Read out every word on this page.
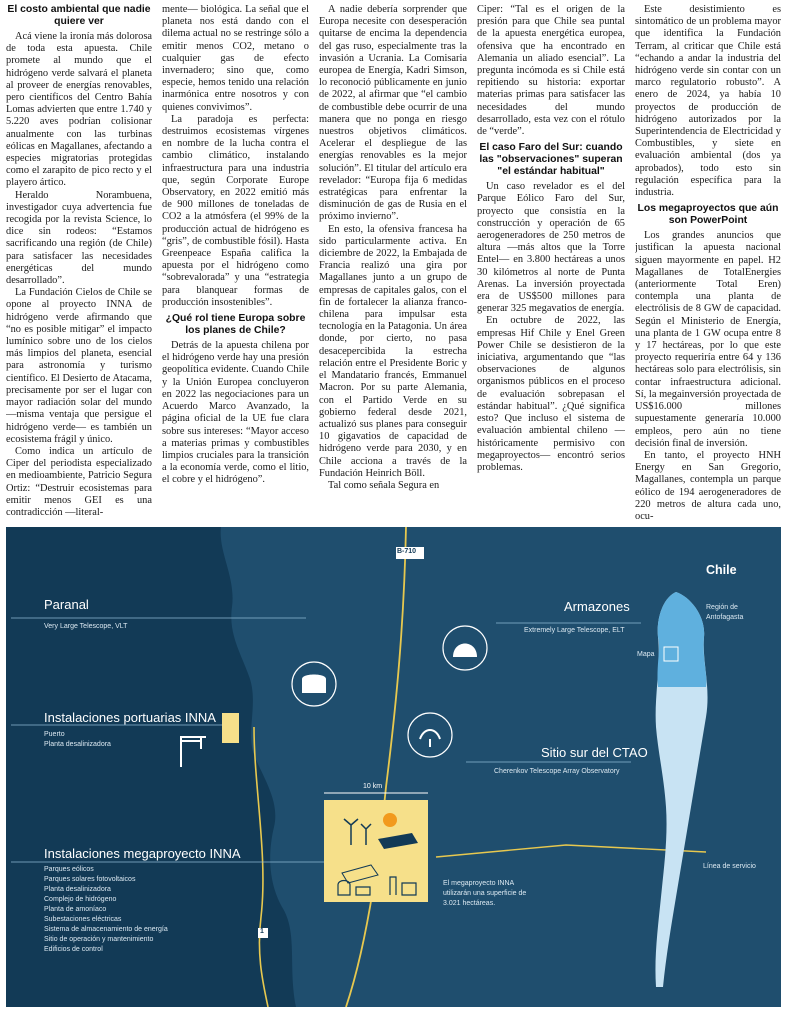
El costo ambiental que nadie quiere ver

Acá viene la ironía más dolorosa de toda esta apuesta. Chile promete al mundo que el hidrógeno verde salvará el planeta al proveer de energías renovables, pero científicos del Centro Bahía Lomas advierten que entre 1.740 y 5.220 aves podrían colisionar anualmente con las turbinas eólicas en Magallanes, afectando a especies migratorias protegidas como el zarapito de pico recto y el playero ártico.

Heraldo Norambuena, investigador cuya advertencia fue recogida por la revista Science, lo dice sin rodeos: “Estamos sacrificando una región (de Chile) para satisfacer las necesidades energéticas del mundo desarrollado”.

La Fundación Cielos de Chile se opone al proyecto INNA de hidrógeno verde afirmando que “no es posible mitigar” el impacto lumínico sobre uno de los cielos más limpios del planeta, esencial para astronomía y turismo científico. El Desierto de Atacama, precisamente por ser el lugar con mayor radiación solar del mundo —misma ventaja que persigue el hidrógeno verde— es también un ecosistema frágil y único.

Como indica un artículo de Ciper del periodista especializado en medioambiente, Patricio Segura Ortiz: “Destruir ecosistemas para emitir menos GEI es una contradicción —literal-

mente— biológica. La señal que el planeta nos está dando con el dilema actual no se restringe sólo a emitir menos CO2, metano o cualquier gas de efecto invernadero; sino que, como especie, hemos tenido una relación inarmónica entre nosotros y con quienes convivimos”.

La paradoja es perfecta: destruimos ecosistemas vírgenes en nombre de la lucha contra el cambio climático, instalando infraestructura para una industria que, según Corporate Europe Observatory, en 2022 emitió más de 900 millones de toneladas de CO2 a la atmósfera (el 99% de la producción actual de hidrógeno es “gris”, de combustible fósil). Hasta Greenpeace España califica la apuesta por el hidrógeno como “sobrevalorada” y una “estrategia para blanquear formas de producción insostenibles”.

¿Qué rol tiene Europa sobre los planes de Chile?

Detrás de la apuesta chilena por el hidrógeno verde hay una presión geopolítica evidente. Cuando Chile y la Unión Europea concluyeron en 2022 las negociaciones para un Acuerdo Marco Avanzado, la página oficial de la UE fue clara sobre sus intereses: “Mayor acceso a materias primas y combustibles limpios cruciales para la transición a la economía verde, como el litio, el cobre y el hidrógeno”.

A nadie debería sorprender que Europa necesite con desesperación quitarse de encima la dependencia del gas ruso, especialmente tras la invasión a Ucrania. La Comisaria europea de Energía, Kadri Simson, lo reconoció públicamente en junio de 2022, al afirmar que “el cambio de combustible debe ocurrir de una manera que no ponga en riesgo nuestros objetivos climáticos. Acelerar el despliegue de las energías renovables es la mejor solución”. El titular del artículo era revelador: “Europa fija 6 medidas estratégicas para enfrentar la disminución de gas de Rusia en el próximo invierno”.

En esto, la ofensiva francesa ha sido particularmente activa. En diciembre de 2022, la Embajada de Francia realizó una gira por Magallanes junto a un grupo de empresas de capitales galos, con el fin de fortalecer la alianza franco-chilena para impulsar esta tecnología en la Patagonia. Un área donde, por cierto, no pasa desacepercibida la estrecha relación entre el Presidente Boric y el Mandatario francés, Emmanuel Macron. Por su parte Alemania, con el Partido Verde en su gobierno federal desde 2021, actualizó sus planes para conseguir 10 gigavatios de capacidad de hidrógeno verde para 2030, y en Chile acciona a través de la Fundación Heinrich Böll.

Tal como señala Segura en

Ciper: “Tal es el origen de la presión para que Chile sea puntal de la apuesta energética europea, ofensiva que ha encontrado en Alemania un aliado esencial”. La pregunta incómoda es si Chile está repitiendo su historia: exportar materias primas para satisfacer las necesidades del mundo desarrollado, esta vez con el rótulo de “verde”.

El caso Faro del Sur: cuando las "observaciones" superan "el estándar habitual"

Un caso revelador es el del Parque Eólico Faro del Sur, proyecto que consistía en la construcción y operación de 65 aerogeneradores de 250 metros de altura —más altos que la Torre Entel— en 3.800 hectáreas a unos 30 kilómetros al norte de Punta Arenas. La inversión proyectada era de US$500 millones para generar 325 megavatios de energía.

En octubre de 2022, las empresas Hif Chile y Enel Green Power Chile se desistieron de la iniciativa, argumentando que “las observaciones de algunos organismos públicos en el proceso de evaluación sobrepasan el estándar habitual”. ¿Qué significa esto? Que incluso el sistema de evaluación ambiental chileno —históricamente permisivo con megaproyectos— encontró serios problemas.

Este desistimiento es sintomático de un problema mayor que identifica la Fundación Terram, al criticar que Chile está “echando a andar la industria del hidrógeno verde sin contar con un marco regulatorio robusto”. A enero de 2024, ya había 10 proyectos de producción de hidrógeno autorizados por la Superintendencia de Electricidad y Combustibles, y siete en evaluación ambiental (dos ya aprobados), todo esto sin regulación específica para la industria.

Los megaproyectos que aún son PowerPoint

Los grandes anuncios que justifican la apuesta nacional siguen mayormente en papel. H2 Magallanes de TotalEnergies (anteriormente Total Eren) contempla una planta de electrólisis de 8 GW de capacidad. Según el Ministerio de Energía, una planta de 1 GW ocupa entre 8 y 17 hectáreas, por lo que este proyecto requeriría entre 64 y 136 hectáreas solo para electrólisis, sin contar infraestructura adicional. Sí, la megainversión proyectada de US$16.000 millones supuestamente generaría 10.000 empleos, pero aún no tiene decisión final de inversión.

En tanto, el proyecto HNH Energy en San Gregorio, Magallanes, contempla un parque eólico de 194 aerogeneradores de 220 metros de altura cada uno, ocu-

B-710
1
Paranal
Very Large Telescope, VLT
Armazones
Extremely Large Telescope, ELT
Instalaciones portuarias INNA
Puerto
Planta desalinizadora
Sitio sur del CTAO
Cherenkov Telescope Array Observatory
10 km
Instalaciones megaproyecto INNA
Parques eólicos
Parques solares fotovoltaicos
Planta desalinizadora
Complejo de hidrógeno
Planta de amoníaco
Subestaciones eléctricas
Sistema de almacenamiento de energía
Sitio de operación y mantenimiento
Edificios de control
El megaproyecto INNA
utilizarán una superficie de
3.021 hectáreas.
Chile
Región de
Antofagasta
Mapa
Línea de servicio
